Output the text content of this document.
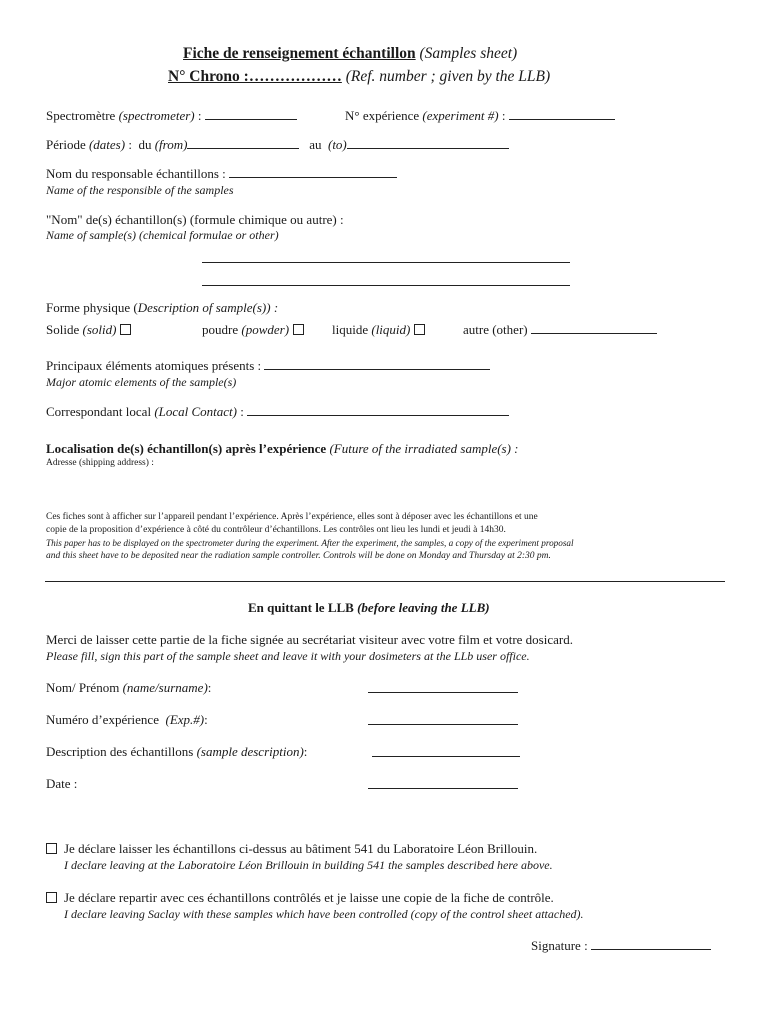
Fiche de renseignement échantillon (Samples sheet)
N° Chrono :……………… (Ref. number ; given by the LLB)
Spectromètre (spectrometer) :	N° expérience (experiment #) :
Période (dates) : du (from)	au (to)
Nom du responsable échantillons :
Name of the responsible of the samples
"Nom" de(s) échantillon(s) (formule chimique ou autre) :
Name of sample(s) (chemical formulae or other)
Forme physique (Description of sample(s)) :
Solide (solid)	poudre (powder)	liquide (liquid)	autre (other)
Principaux éléments atomiques présents :
Major atomic elements of the sample(s)
Correspondant local (Local Contact) :
Localisation de(s) échantillon(s) après l’expérience (Future of the irradiated sample(s) :
Adresse (shipping address) :
Ces fiches sont à afficher sur l’appareil pendant l’expérience. Après l’expérience, elles sont à déposer avec les échantillons et une
copie de la proposition d’expérience à côté du contrôleur d’échantillons. Les contrôles ont lieu les lundi et jeudi à 14h30.
This paper has to be displayed on the spectrometer during the experiment. After the experiment, the samples, a copy of the experiment proposal
and this sheet have to be deposited near the radiation sample controller. Controls will be done on Monday and Thursday at 2:30 pm.
En quittant le LLB (before leaving the LLB)
Merci de laisser cette partie de la fiche signée au secrétariat visiteur avec votre film et votre dosicard.
Please fill, sign this part of the sample sheet and leave it with your dosimeters at the LLb user office.
Nom/ Prénom (name/surname):
Numéro d’expérience (Exp.#):
Description des échantillons (sample description):
Date :
Je déclare laisser les échantillons ci-dessus au bâtiment 541 du Laboratoire Léon Brillouin.
I declare leaving at the Laboratoire Léon Brillouin in building 541 the samples described here above.
Je déclare repartir avec ces échantillons contrôlés et je laisse une copie de la fiche de contrôle.
I declare leaving Saclay with these samples which have been controlled (copy of the control sheet attached).
Signature :
